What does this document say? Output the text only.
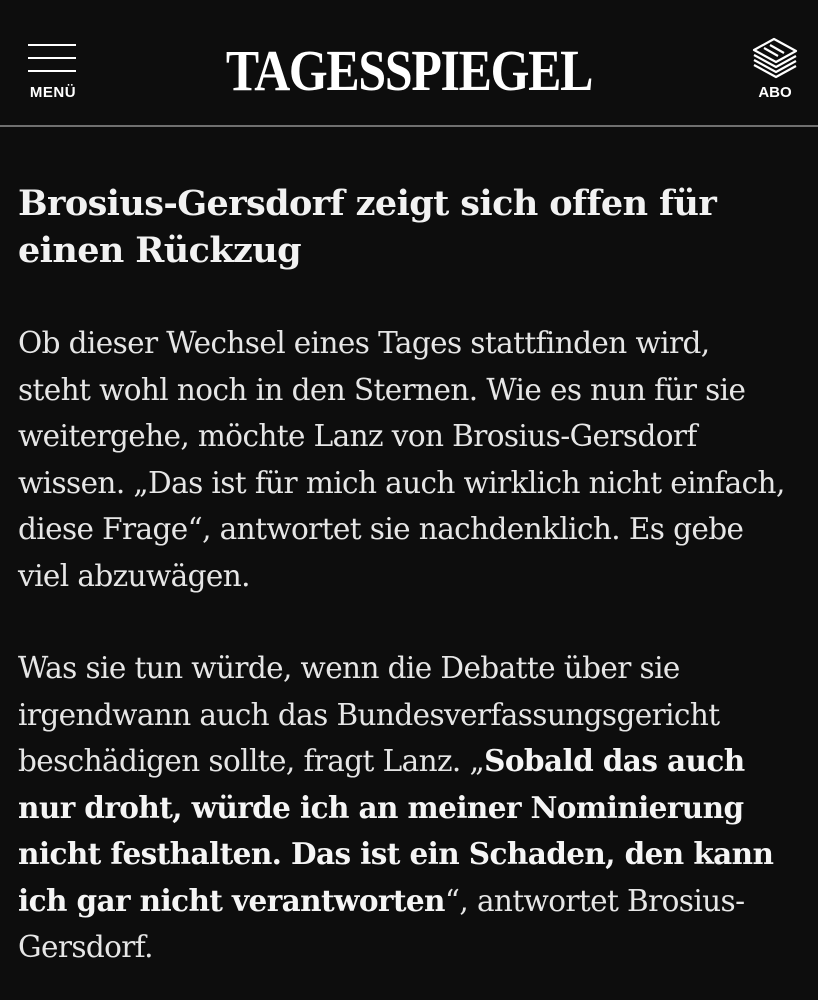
MENÜ	TAGESSPIEGEL	ABO
Brosius-Gersdorf zeigt sich offen für einen Rückzug

Ob dieser Wechsel eines Tages stattfinden wird, steht wohl noch in den Sternen. Wie es nun für sie weitergehe, möchte Lanz von Brosius-Gersdorf wissen. „Das ist für mich auch wirklich nicht einfach, diese Frage“, antwortet sie nachdenklich. Es gebe viel abzuwägen.

Was sie tun würde, wenn die Debatte über sie irgendwann auch das Bundesverfassungsgericht beschädigen sollte, fragt Lanz. „Sobald das auch nur droht, würde ich an meiner Nominierung nicht festhalten. Das ist ein Schaden, den kann ich gar nicht verantworten“, antwortet Brosius-Gersdorf.
